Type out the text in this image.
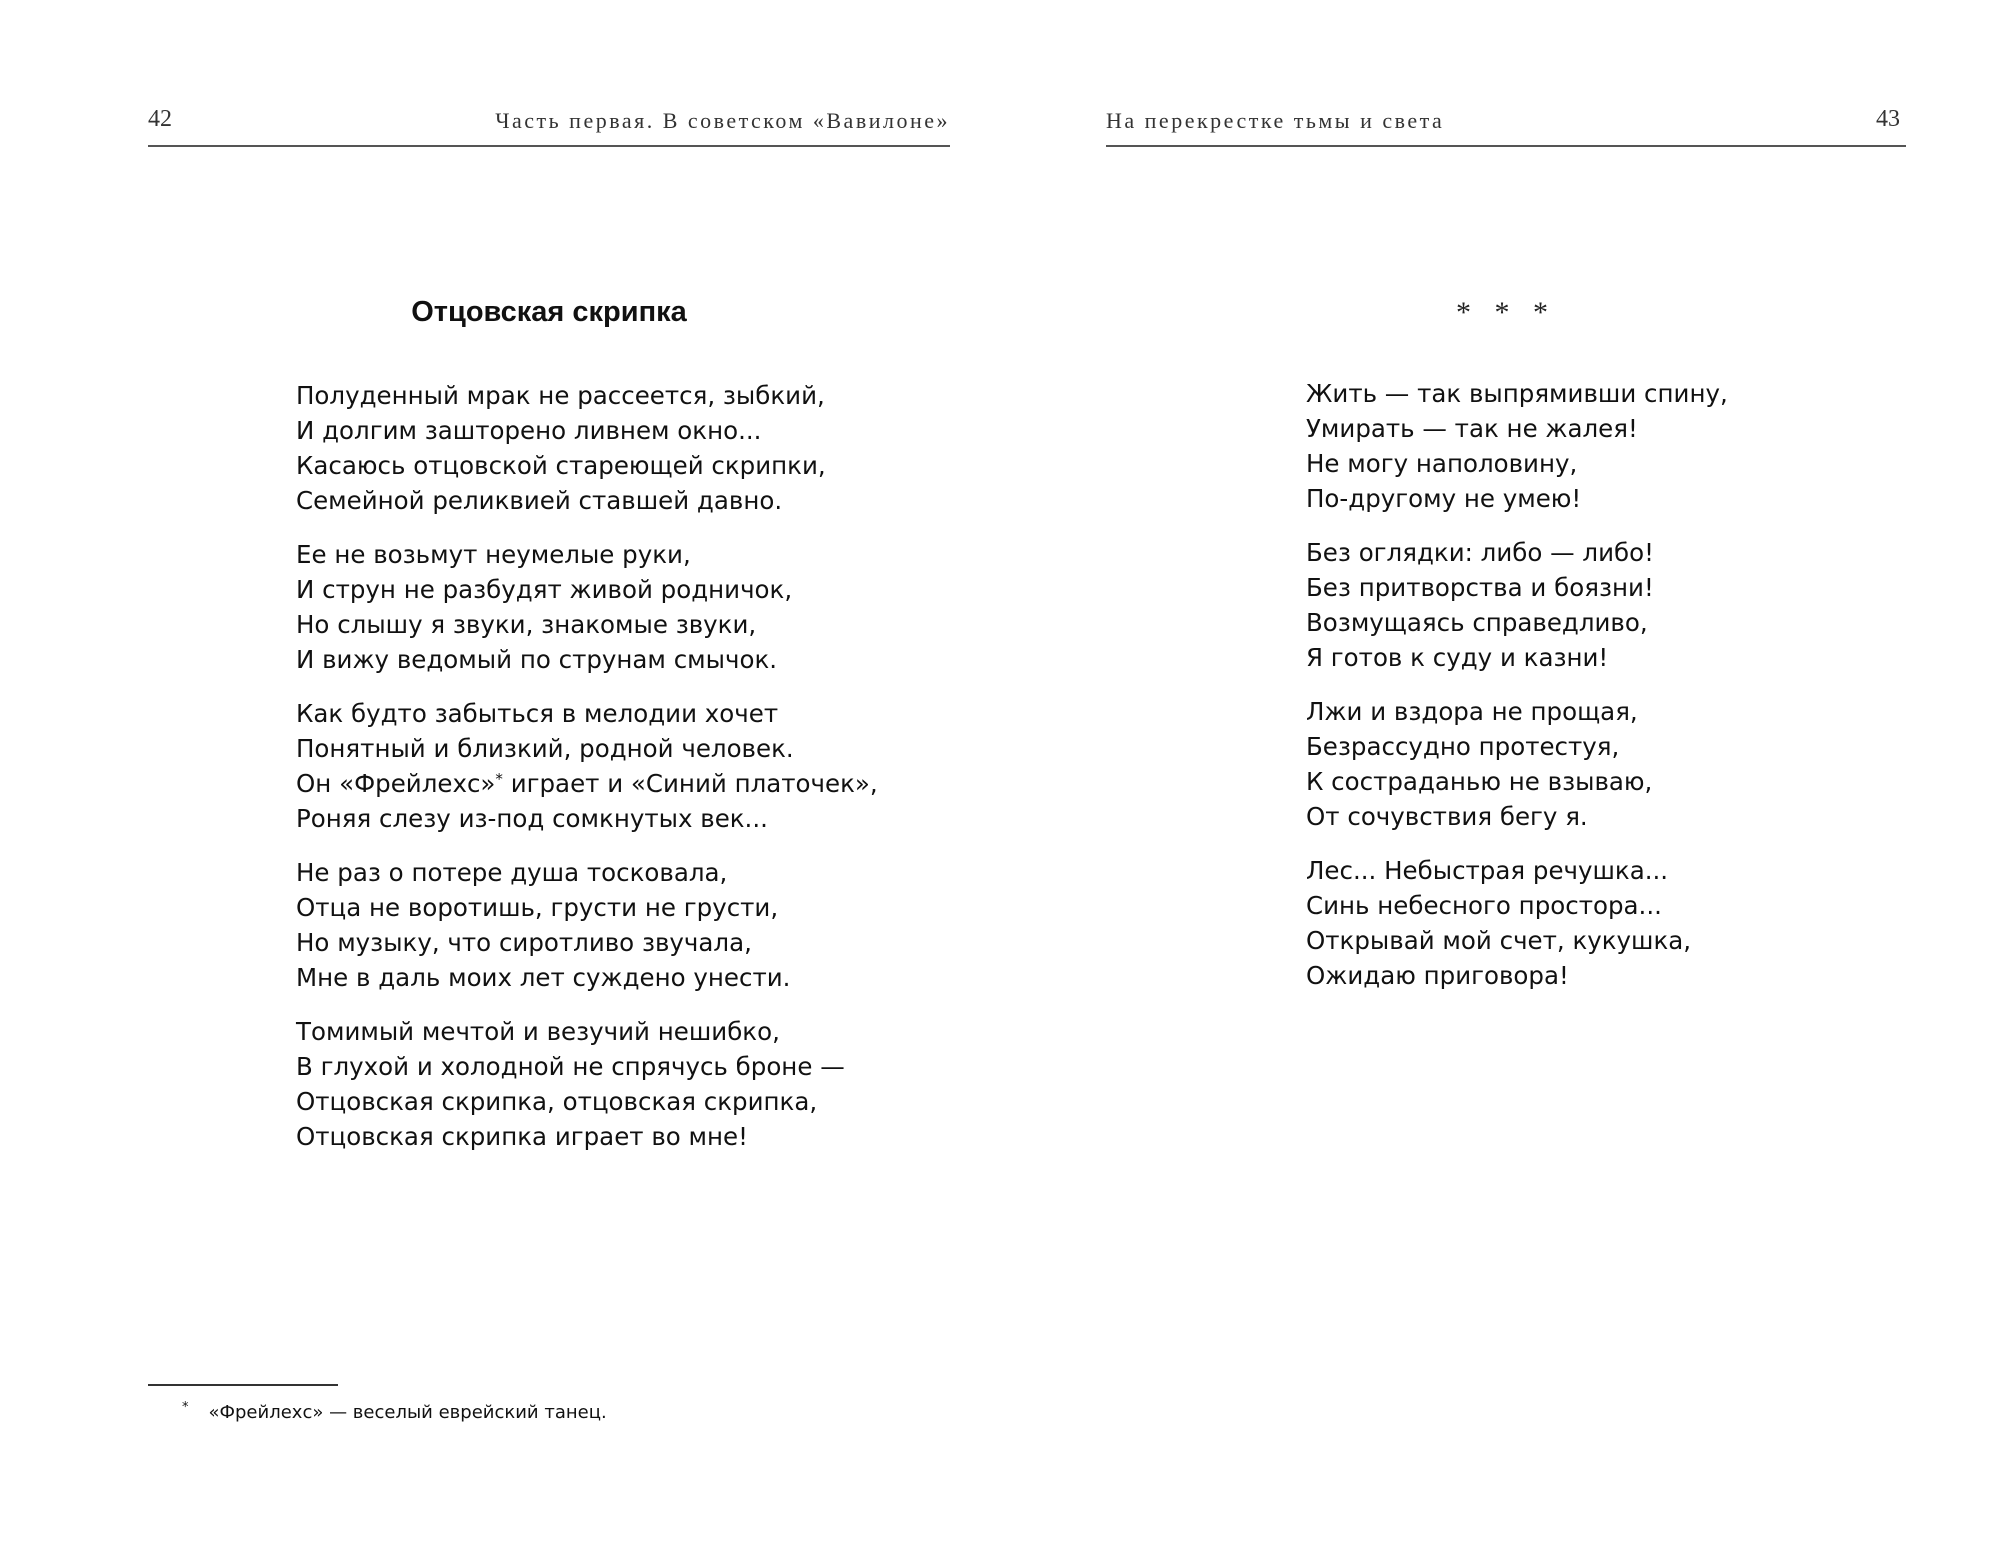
42	Часть первая. В советском «Вавилоне»
Отцовская скрипка
Полуденный мрак не рассеется, зыбкий,
И долгим зашторено ливнем окно...
Касаюсь отцовской стареющей скрипки,
Семейной реликвией ставшей давно.
Ее не возьмут неумелые руки,
И струн не разбудят живой родничок,
Но слышу я звуки, знакомые звуки,
И вижу ведомый по струнам смычок.
Как будто забыться в мелодии хочет
Понятный и близкий, родной человек.
Он «Фрейлехс»* играет и «Синий платочек»,
Роняя слезу из-под сомкнутых век...
Не раз о потере душа тосковала,
Отца не воротишь, грусти не грусти,
Но музыку, что сиротливо звучала,
Мне в даль моих лет суждено унести.
Томимый мечтой и везучий нешибко,
В глухой и холодной не спрячусь броне —
Отцовская скрипка, отцовская скрипка,
Отцовская скрипка играет во мне!
* «Фрейлехс» — веселый еврейский танец.
На перекрестке тьмы и света	43
* * *
Жить — так выпрямивши спину,
Умирать — так не жалея!
Не могу наполовину,
По-другому не умею!
Без оглядки: либо — либо!
Без притворства и боязни!
Возмущаясь справедливо,
Я готов к суду и казни!
Лжи и вздора не прощая,
Безрассудно протестуя,
К состраданью не взываю,
От сочувствия бегу я.
Лес... Небыстрая речушка...
Синь небесного простора...
Открывай мой счет, кукушка,
Ожидаю приговора!
